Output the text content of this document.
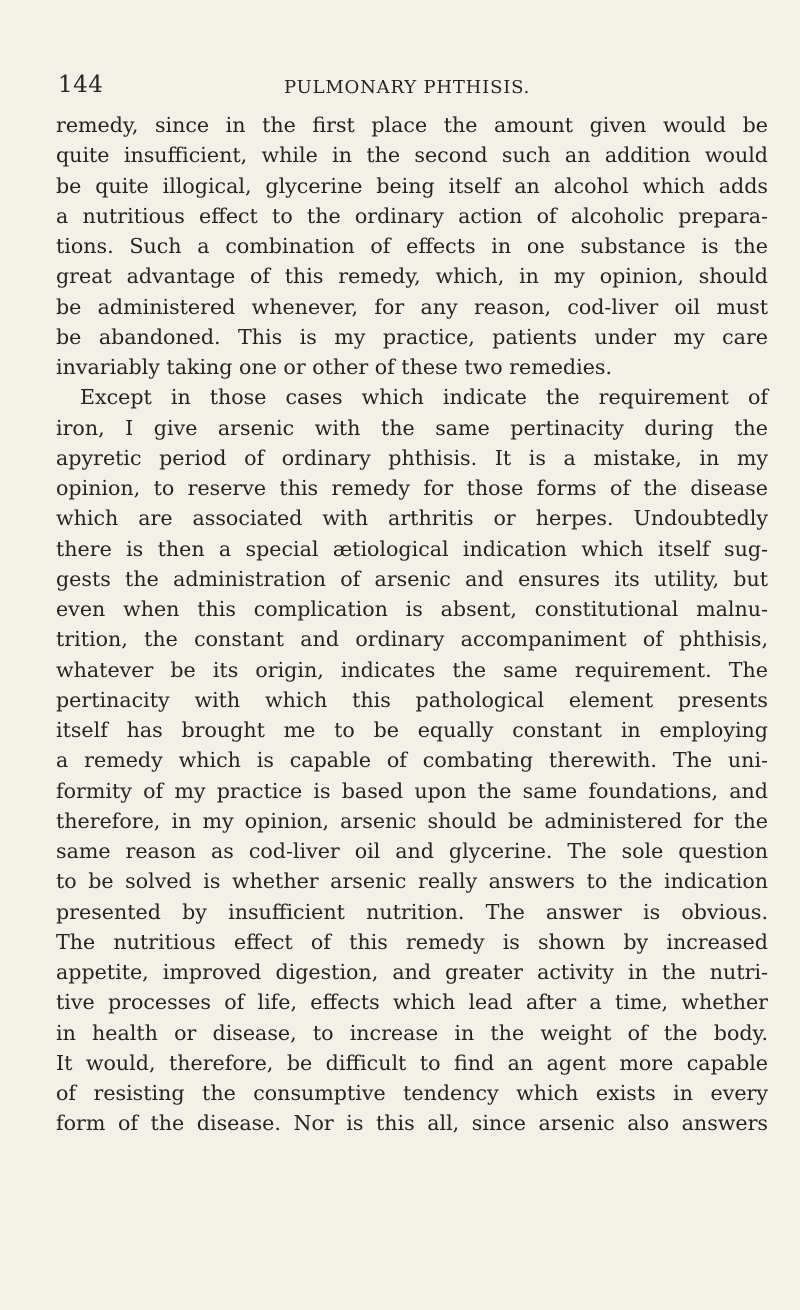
144	PULMONARY PHTHISIS.
remedy, since in the first place the amount given would be
quite insufficient, while in the second such an addition would
be quite illogical, glycerine being itself an alcohol which adds
a nutritious effect to the ordinary action of alcoholic prepara-
tions. Such a combination of effects in one substance is the
great advantage of this remedy, which, in my opinion, should
be administered whenever, for any reason, cod-liver oil must
be abandoned. This is my practice, patients under my care
invariably taking one or other of these two remedies.
Except in those cases which indicate the requirement of
iron, I give arsenic with the same pertinacity during the
apyretic period of ordinary phthisis. It is a mistake, in my
opinion, to reserve this remedy for those forms of the disease
which are associated with arthritis or herpes. Undoubtedly
there is then a special ætiological indication which itself sug-
gests the administration of arsenic and ensures its utility, but
even when this complication is absent, constitutional malnu-
trition, the constant and ordinary accompaniment of phthisis,
whatever be its origin, indicates the same requirement. The
pertinacity with which this pathological element presents
itself has brought me to be equally constant in employing
a remedy which is capable of combating therewith. The uni-
formity of my practice is based upon the same foundations, and
therefore, in my opinion, arsenic should be administered for the
same reason as cod-liver oil and glycerine. The sole question
to be solved is whether arsenic really answers to the indication
presented by insufficient nutrition. The answer is obvious.
The nutritious effect of this remedy is shown by increased
appetite, improved digestion, and greater activity in the nutri-
tive processes of life, effects which lead after a time, whether
in health or disease, to increase in the weight of the body.
It would, therefore, be difficult to find an agent more capable
of resisting the consumptive tendency which exists in every
form of the disease. Nor is this all, since arsenic also answers
